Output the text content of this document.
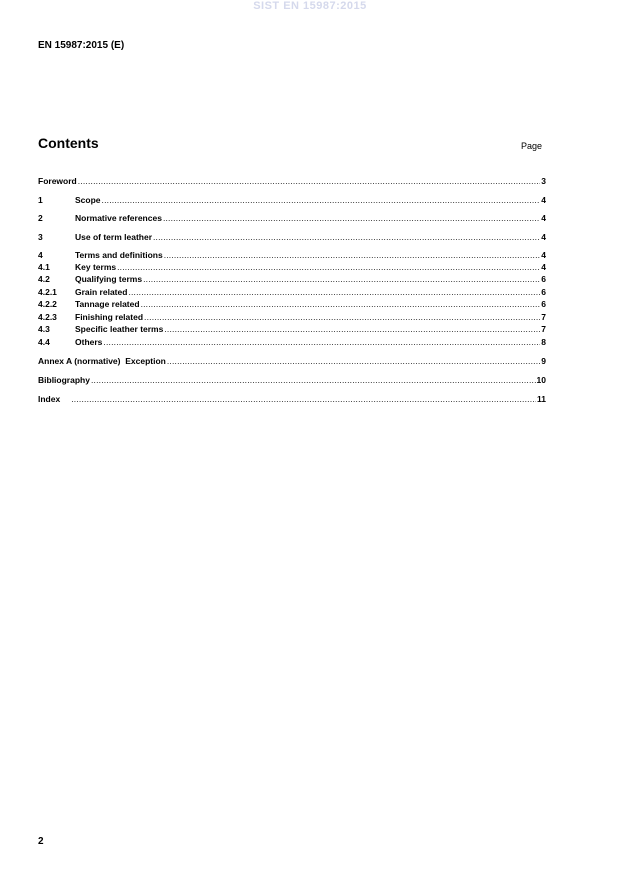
SIST EN 15987:2015
EN 15987:2015 (E)
Contents	Page
Foreword .....	3
1	Scope .....	4
2	Normative references .....	4
3	Use of term leather .....	4
4	Terms and definitions .....	4
4.1	Key terms .....	4
4.2	Qualifying terms .....	6
4.2.1	Grain related .....	6
4.2.2	Tannage related .....	6
4.2.3	Finishing related .....	7
4.3	Specific leather terms .....	7
4.4	Others .....	8
Annex A (normative)  Exception .....	9
Bibliography .....	10
Index .....	11
2
